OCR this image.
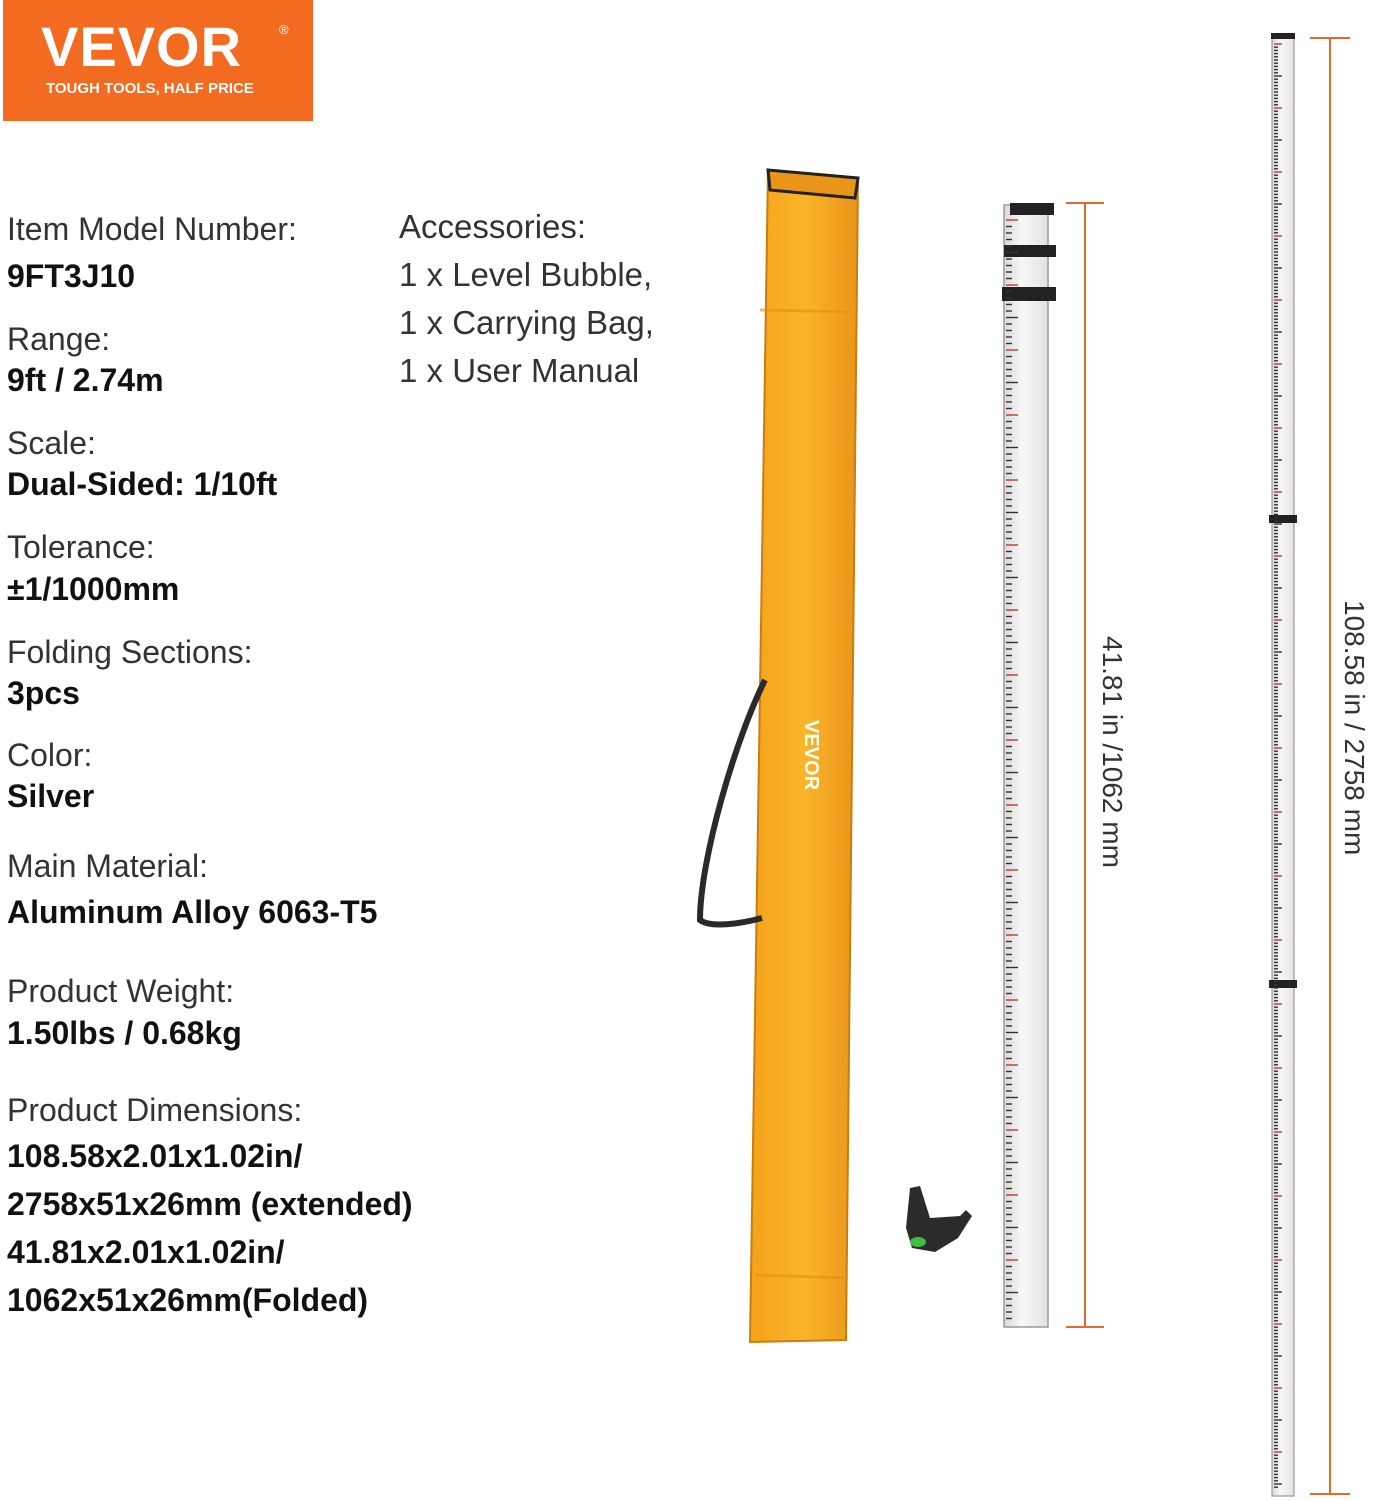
VEVOR	®
TOUGH TOOLS, HALF PRICE
Item Model Number:
9FT3J10
Range:
9ft / 2.74m
Scale:
Dual-Sided: 1/10ft
Tolerance:
±1/1000mm
Folding Sections:
3pcs
Color:
Silver
Main Material:
Aluminum Alloy 6063-T5
Product Weight:
1.50lbs / 0.68kg
Product Dimensions:
108.58x2.01x1.02in/
2758x51x26mm (extended)
41.81x2.01x1.02in/
1062x51x26mm(Folded)
Accessories:
1 x Level Bubble,
1 x Carrying Bag,
1 x User Manual
VEVOR	41.81 in /1062 mm	108.58 in / 2758 mm
